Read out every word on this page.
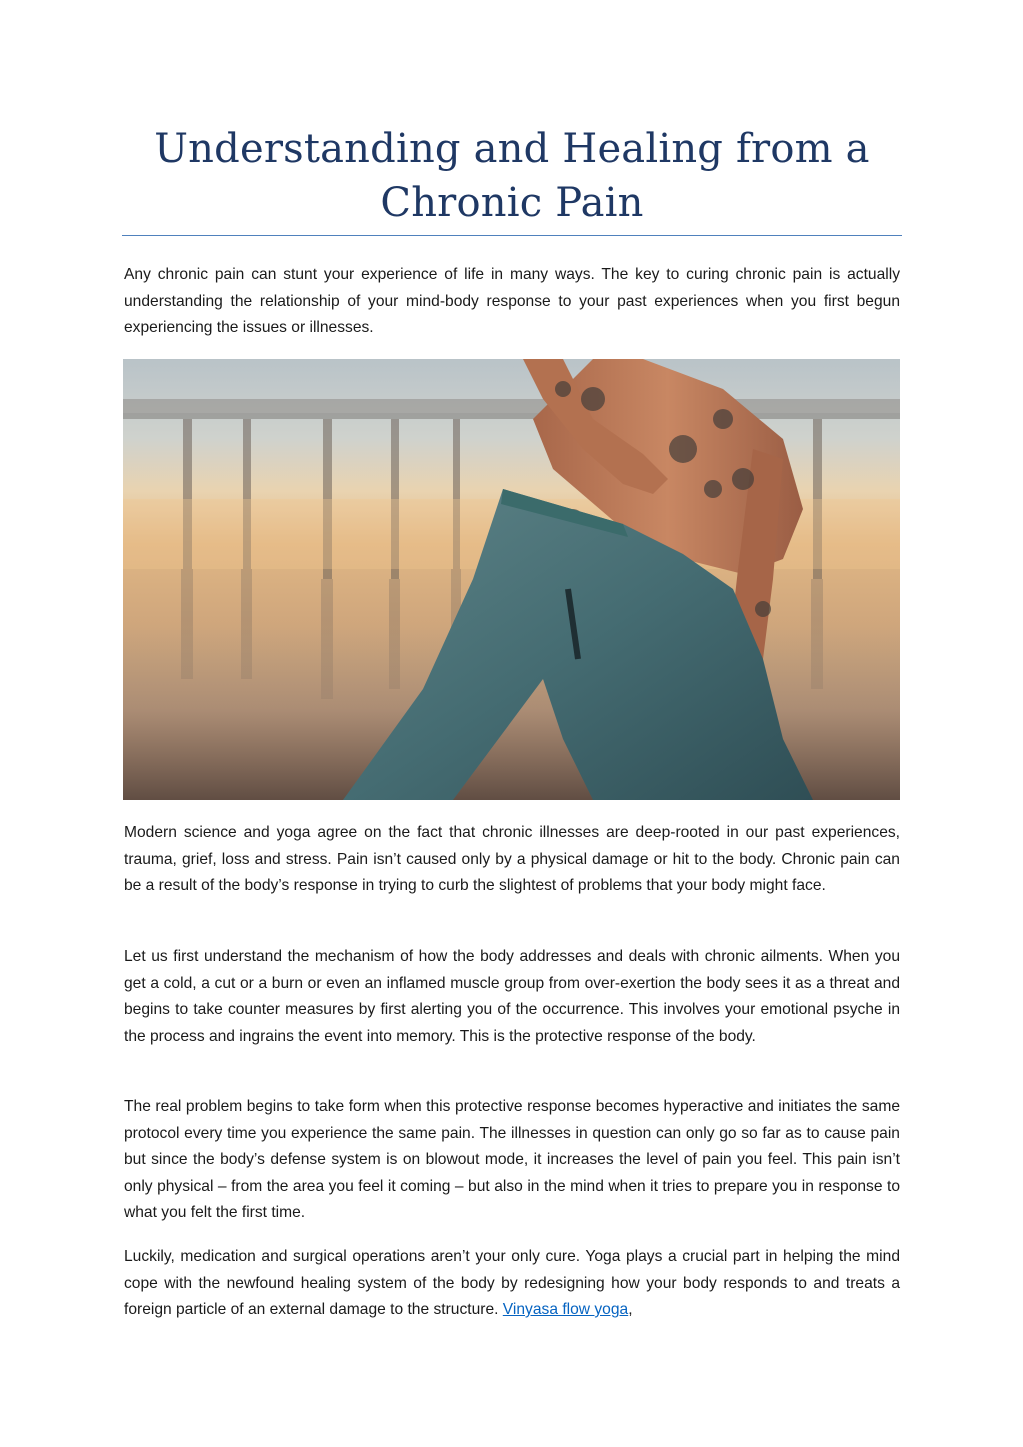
Understanding and Healing from a Chronic Pain

Any chronic pain can stunt your experience of life in many ways. The key to curing chronic pain is actually understanding the relationship of your mind-body response to your past experiences when you first begun experiencing the issues or illnesses.

Modern science and yoga agree on the fact that chronic illnesses are deep-rooted in our past experiences, trauma, grief, loss and stress. Pain isn’t caused only by a physical damage or hit to the body. Chronic pain can be a result of the body’s response in trying to curb the slightest of problems that your body might face.

Let us first understand the mechanism of how the body addresses and deals with chronic ailments. When you get a cold, a cut or a burn or even an inflamed muscle group from over-exertion the body sees it as a threat and begins to take counter measures by first alerting you of the occurrence. This involves your emotional psyche in the process and ingrains the event into memory. This is the protective response of the body.

The real problem begins to take form when this protective response becomes hyperactive and initiates the same protocol every time you experience the same pain. The illnesses in question can only go so far as to cause pain but since the body’s defense system is on blowout mode, it increases the level of pain you feel. This pain isn’t only physical – from the area you feel it coming – but also in the mind when it tries to prepare you in response to what you felt the first time.

Luckily, medication and surgical operations aren’t your only cure. Yoga plays a crucial part in helping the mind cope with the newfound healing system of the body by redesigning how your body responds to and treats a foreign particle of an external damage to the structure. Vinyasa flow yoga,
